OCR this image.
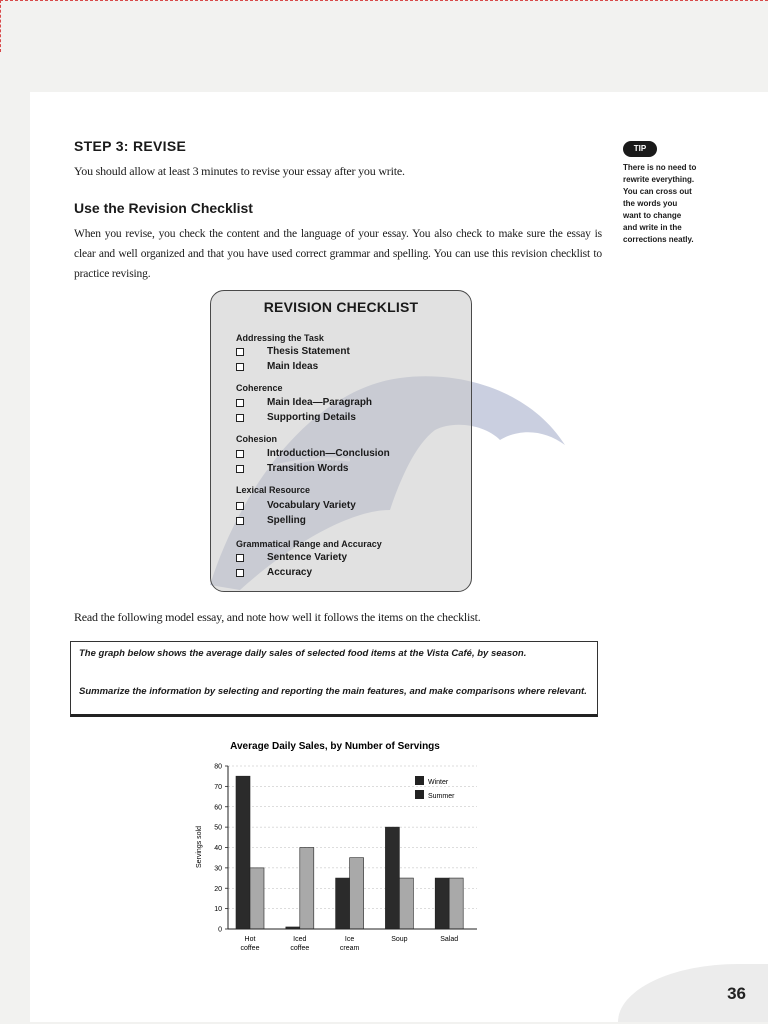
36
STEP 3: REVISE
You should allow at least 3 minutes to revise your essay after you write.
Use the Revision Checklist

When you revise, you check the content and the language of your essay. You also check to make sure the essay is clear and well organized and that you have used correct grammar and spelling. You can use this revision checklist to practice revising.

TIP

There is no need to
rewrite everything.
You can cross out
the words you
want to change
and write in the
corrections neatly.

REVISION CHECKLIST
Addressing the Task
Thesis Statement
Main Ideas
Coherence
Main Idea—Paragraph
Supporting Details
Cohesion
Introduction—Conclusion
Transition Words
Lexical Resource
Vocabulary Variety
Spelling
Grammatical Range and Accuracy
Sentence Variety
Accuracy
Read the following model essay, and note how well it follows the items on the checklist.

The graph below shows the average daily sales of selected food items at the Vista Café, by season.

Summarize the information by selecting and reporting the main features, and make comparisons where relevant.

Average Daily Sales, by Number of Servings
Servings sold
0
10
20
30
40
50
60
70
80
Hot
coffee
Iced
coffee
Ice
cream
Soup	Salad
Winter
Summer
